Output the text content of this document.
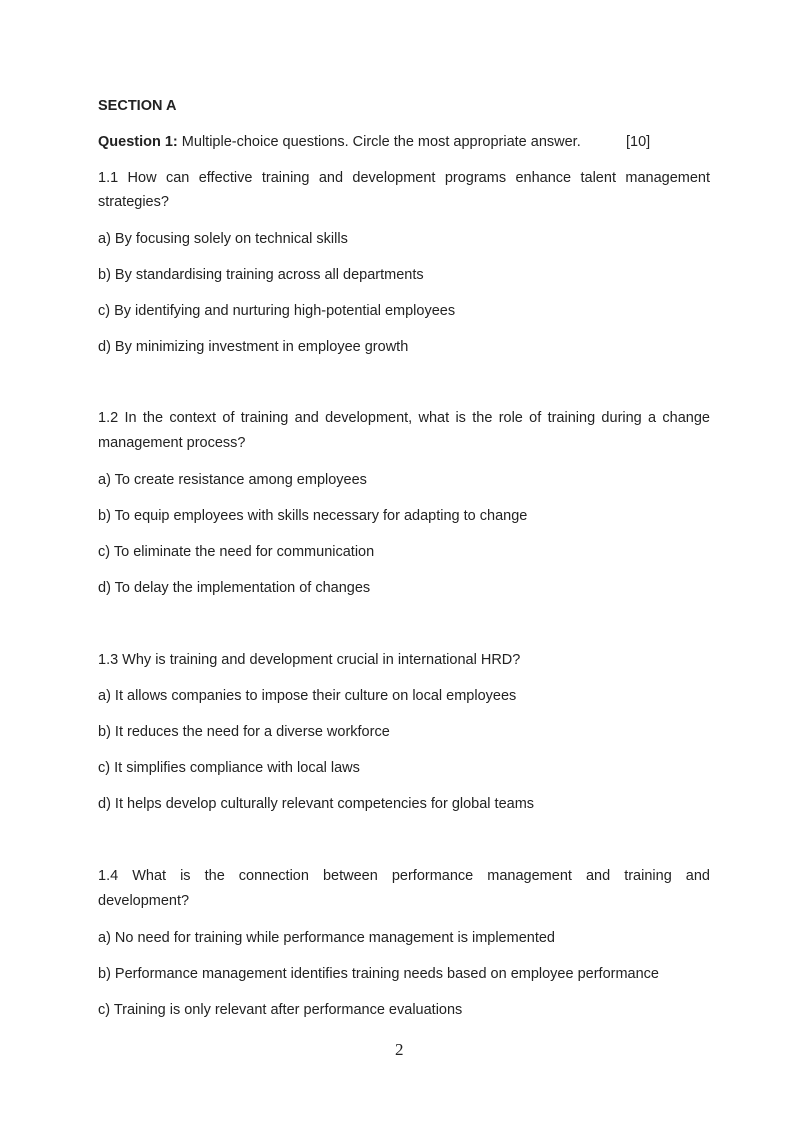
SECTION A
Question 1: Multiple-choice questions. Circle the most appropriate answer.	[10]
1.1 How can effective training and development programs enhance talent management
strategies?
a) By focusing solely on technical skills
b) By standardising training across all departments
c) By identifying and nurturing high-potential employees
d) By minimizing investment in employee growth
1.2 In the context of training and development, what is the role of training during a change
management process?
a) To create resistance among employees
b) To equip employees with skills necessary for adapting to change
c) To eliminate the need for communication
d) To delay the implementation of changes
1.3 Why is training and development crucial in international HRD?
a) It allows companies to impose their culture on local employees
b) It reduces the need for a diverse workforce
c) It simplifies compliance with local laws
d) It helps develop culturally relevant competencies for global teams
1.4 What is the connection between performance management and training and
development?
a) No need for training while performance management is implemented
b) Performance management identifies training needs based on employee performance
c) Training is only relevant after performance evaluations
2
